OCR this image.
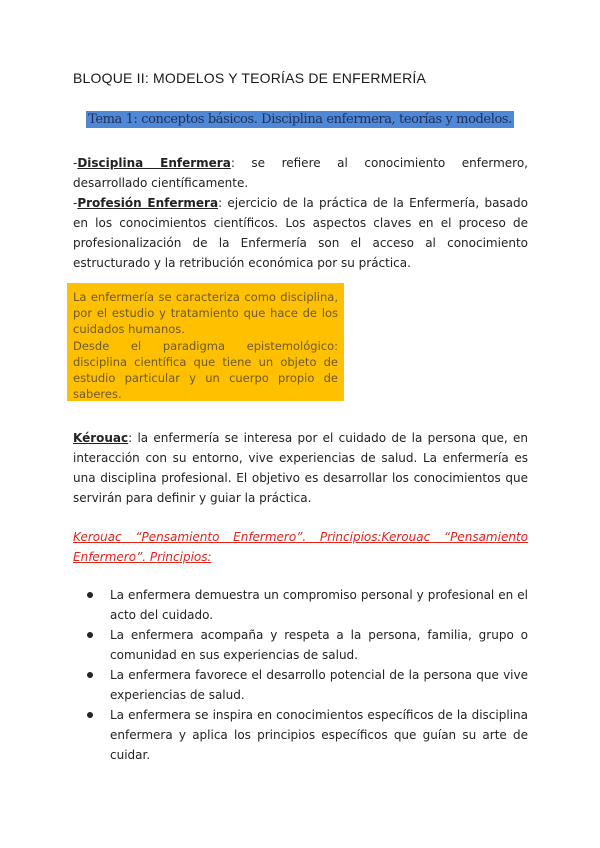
BLOQUE II: MODELOS Y TEORÍAS DE ENFERMERÍA
Tema 1: conceptos básicos. Disciplina enfermera, teorías y modelos.
-Disciplina Enfermera: se refiere al conocimiento enfermero, desarrollado científicamente.
-Profesión Enfermera: ejercicio de la práctica de la Enfermería, basado en los conocimientos científicos. Los aspectos claves en el proceso de profesionalización de la Enfermería son el acceso al conocimiento estructurado y la retribución económica por su práctica.

La enfermería se caracteriza como disciplina, por el estudio y tratamiento que hace de los cuidados humanos.

Desde el paradigma epistemológico: disciplina científica que tiene un objeto de estudio particular y un cuerpo propio de saberes.

Kérouac: la enfermería se interesa por el cuidado de la persona que, en interacción con su entorno, vive experiencias de salud. La enfermería es una disciplina profesional. El objetivo es desarrollar los conocimientos que servirán para definir y guiar la práctica.
Kerouac “Pensamiento Enfermero”. Principios:Kerouac “Pensamiento Enfermero”. Principios:
La enfermera demuestra un compromiso personal y profesional en el acto del cuidado.
La enfermera acompaña y respeta a la persona, familia, grupo o comunidad en sus experiencias de salud.
La enfermera favorece el desarrollo potencial de la persona que vive experiencias de salud.
La enfermera se inspira en conocimientos específicos de la disciplina enfermera y aplica los principios específicos que guían su arte de cuidar.
